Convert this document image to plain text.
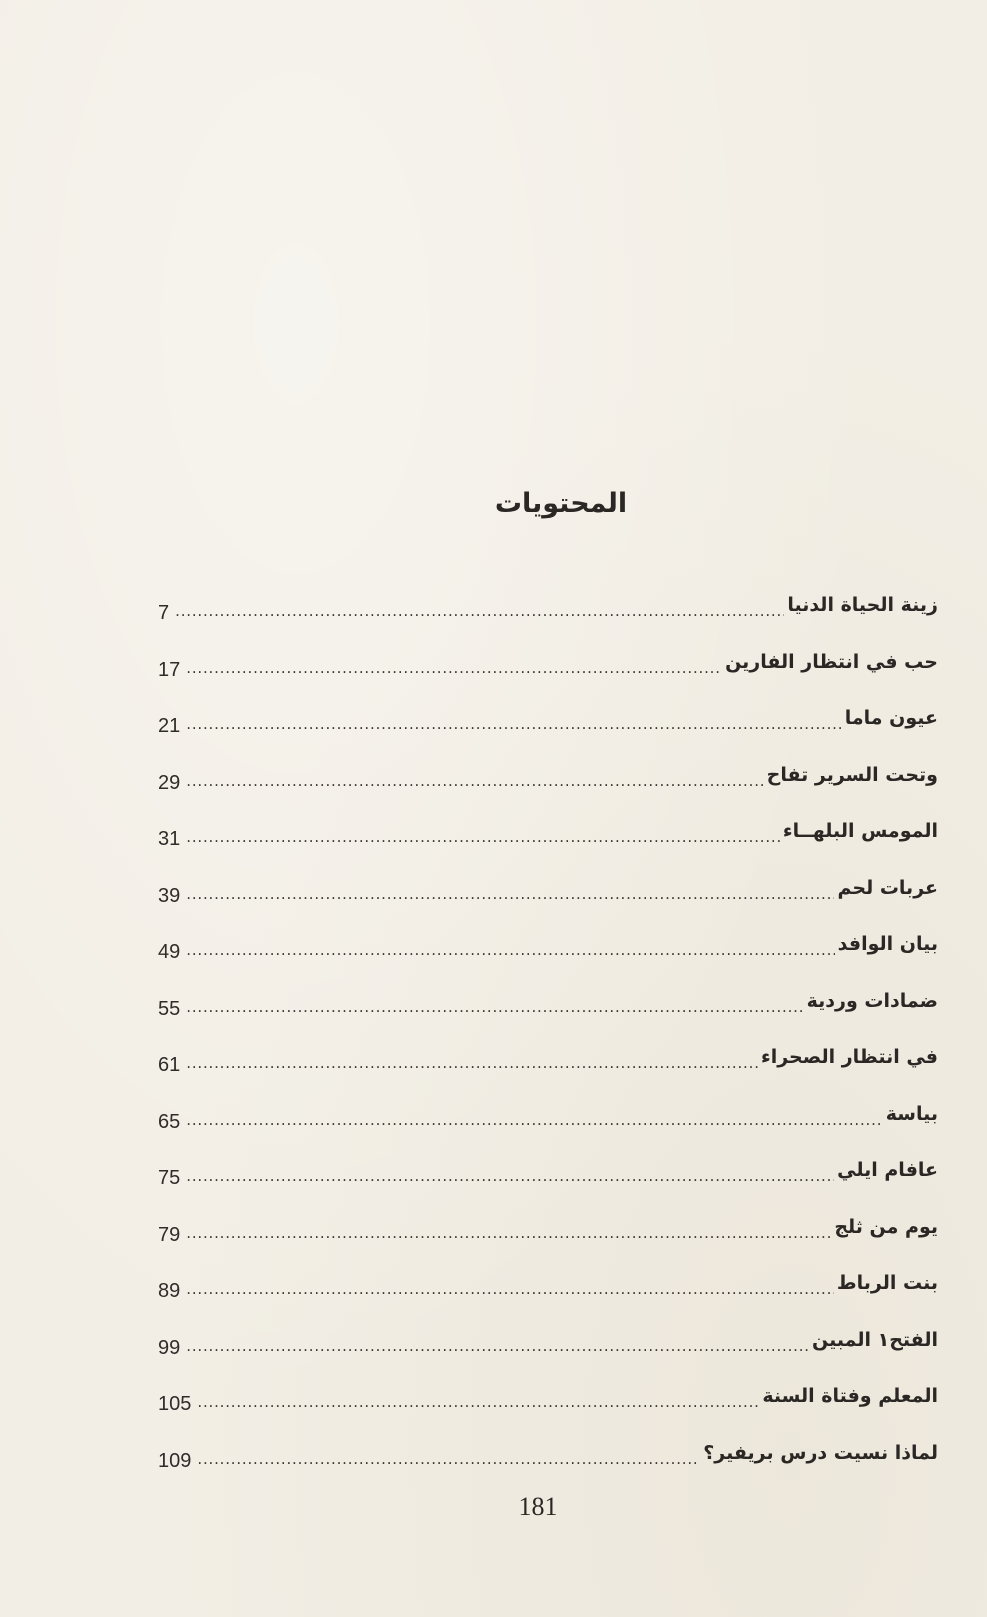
المحتويات
زينة الحياة الدنيا
.....
7
حب في انتظار الفارين
.....
17
عيون ماما
.....
21
وتحت السرير تفاح
.....
29
المومس البلهــاء
.....
31
عربات لحم
.....
39
بيان الوافد
.....
49
ضمادات وردية
.....
55
في انتظار الصحراء
.....
61
بياسة
.....
65
عافام ايلي
.....
75
يوم من ثلج
.....
79
بنت الرباط
.....
89
الفتح١ المبين
.....
99
المعلم وفتاة السنة
.....
105
لماذا نسيت درس بريفير؟
.....
109
181
